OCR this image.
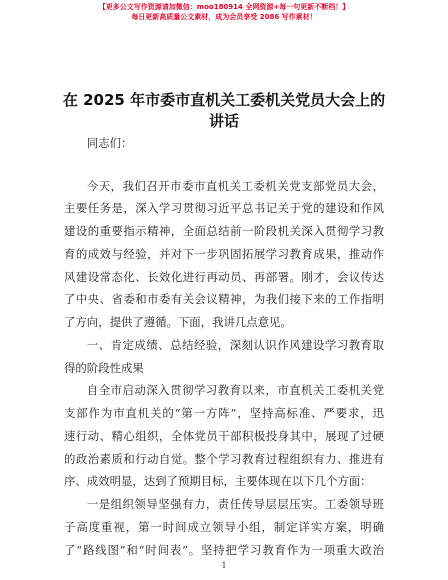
【更多公文写作资源请加微信：moo180914 全网资源+每一句更新不断档！】
每日更新高质量公文素材，成为会员享受 2086 写作素材！
在 2025 年市委市直机关工委机关党员大会上的
讲话
同志们：
今天，我们召开市委市直机关工委机关党支部党员大会，
主要任务是，深入学习贯彻习近平总书记关于党的建设和作风
建设的重要指示精神，全面总结前一阶段机关深入贯彻学习教
育的成效与经验，并对下一步巩固拓展学习教育成果，推动作
风建设常态化、长效化进行再动员、再部署。刚才，会议传达
了中央、省委和市委有关会议精神，为我们接下来的工作指明
了方向，提供了遵循。下面，我讲几点意见。
一、肯定成绩、总结经验，深刻认识作风建设学习教育取
得的阶段性成果
自全市启动深入贯彻学习教育以来，市直机关工委机关党
支部作为市直机关的“第一方阵”，坚持高标准、严要求，迅
速行动、精心组织，全体党员干部积极投身其中，展现了过硬
的政治素质和行动自觉。整个学习教育过程组织有力、推进有
序、成效明显，达到了预期目标，主要体现在以下几个方面：
一是组织领导坚强有力，责任传导层层压实。工委领导班
子高度重视，第一时间成立领导小组，制定详实方案，明确
了“路线图”和“时间表”。坚持把学习教育作为一项重大政治
1
